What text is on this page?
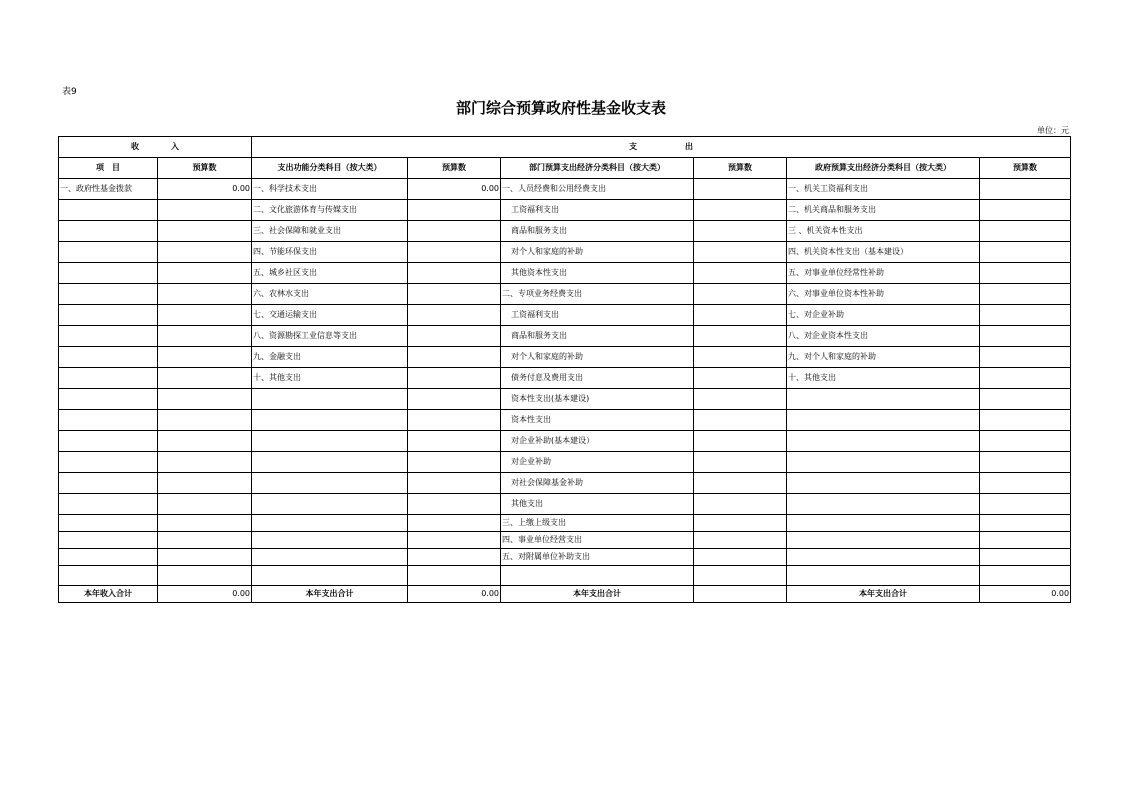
表9
部门综合预算政府性基金收支表
单位：元
收　　　　入		支　　　　　　出					
项　目	预算数	支出功能分类科目（按大类）	预算数	部门预算支出经济分类科目（按大类）	预算数	政府预算支出经济分类科目（按大类）	预算数
一、政府性基金拨款	0.00	一、科学技术支出	0.00	一、人员经费和公用经费支出		一、机关工资福利支出	
		二、文化旅游体育与传媒支出		工资福利支出		二、机关商品和服务支出	
		三、社会保障和就业支出		商品和服务支出		三 、机关资本性支出	
		四、节能环保支出		对个人和家庭的补助		四、机关资本性支出（基本建设）	
		五、城乡社区支出		其他资本性支出		五、对事业单位经常性补助	
		六、农林水支出		二、专项业务经费支出		六、对事业单位资本性补助	
		七、交通运输支出		工资福利支出		七、对企业补助	
		八、资源勘探工业信息等支出		商品和服务支出		八、对企业资本性支出	
		九、金融支出		对个人和家庭的补助		九、对个人和家庭的补助	
		十、其他支出		债务付息及费用支出		十、其他支出	
				资本性支出(基本建设)			
				资本性支出			
				对企业补助(基本建设）			
				对企业补助			
				对社会保障基金补助			
				其他支出			
				三、上缴上级支出			
				四、事业单位经营支出			
				五、对附属单位补助支出			

本年收入合计	0.00	本年支出合计	0.00	本年支出合计		本年支出合计	0.00
